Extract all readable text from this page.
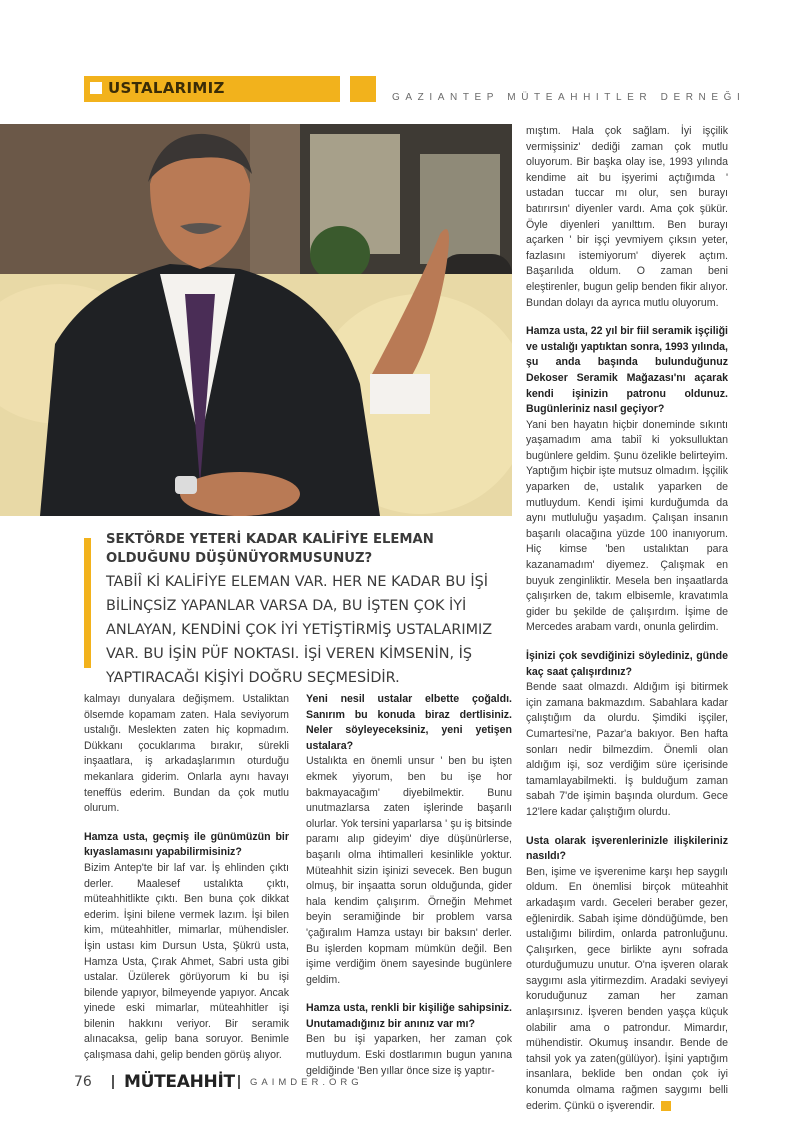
USTALARIMIZ
GAZIANTEP MÜTEAHHITLER DERNEĞI
SEKTÖRDE YETERİ KADAR KALİFİYE ELEMAN OLDUĞUNU DÜŞÜNÜYORMUSUNUZ?
TABİÎ Kİ KALİFİYE ELEMAN VAR. HER NE KADAR BU İŞİ BİLİNÇSİZ YAPANLAR VARSA DA, BU İŞTEN ÇOK İYİ ANLAYAN, KENDİNİ ÇOK İYİ YETİŞTİRMİŞ USTALARIMIZ VAR. BU İŞİN PÜF NOKTASI. İŞİ VEREN KİMSENİN, İŞ YAPTIRACAĞI KİŞİYİ DOĞRU SEÇMESİDİR.

kalmayı dunyalara değişmem. Ustaliktan ölsemde kopamam zaten. Hala seviyorum ustalığı. Meslekten zaten hiç kopmadım. Dükkanı çocuklarıma bırakır, sürekli inşaatlara, iş arkadaşlarımın oturduğu mekanlara giderim. Onlarla aynı havayı teneffüs ederim. Bundan da çok mutlu olurum.

Hamza usta, geçmiş ile günümüzün bir kıyaslamasını yapabilirmisiniz?

Bizim Antep'te bir laf var. İş ehlinden çıktı derler. Maalesef ustalıkta çıktı, müteahhitlikte çıktı. Ben buna çok dikkat ederim. İşini bilene vermek lazım. İşi bilen kim, müteahhitler, mimarlar, mühendisler. İşin ustası kim Dursun Usta, Şükrü usta, Hamza Usta, Çırak Ahmet, Sabri usta gibi ustalar. Üzülerek görüyorum ki bu işi bilende yapıyor, bilmeyende yapıyor. Ancak yinede eski mimarlar, müteahhitler işi bilenin hakkını veriyor. Bir seramik alınacaksa, gelip bana soruyor. Benimle çalışmasa dahi, gelip benden görüş alıyor.

Yeni nesil ustalar elbette çoğaldı. Sanırım bu konuda biraz dertlisiniz. Neler söyleyeceksiniz, yeni yetişen ustalara?

Ustalıkta en önemli unsur ' ben bu işten ekmek yiyorum, ben bu işe hor bakmayacağım' diyebilmektir. Bunu unutmazlarsa zaten işlerinde başarılı olurlar. Yok tersini yaparlarsa ' şu iş bitsinde paramı alıp gideyim' diye düşünürlerse, başarılı olma ihtimalleri kesinlikle yoktur. Müteahhit sizin işinizi sevecek. Ben bugun olmuş, bir inşaatta sorun olduğunda, gider hala kendim çalışırım. Örneğin Mehmet beyin seramiğinde bir problem varsa 'çağıralım Hamza ustayı bir baksın' derler. Bu işlerden kopmam mümkün değil. Ben işime verdiğim önem sayesinde bugünlere geldim.

Hamza usta, renkli bir kişiliğe sahipsiniz. Unutamadığınız bir anınız var mı?

Ben bu işi yaparken, her zaman çok mutluydum. Eski dostlarımın bugun yanına geldiğinde 'Ben yıllar önce size iş yaptır-

mıştım. Hala çok sağlam. İyi işçilik vermişsiniz' dediği zaman çok mutlu oluyorum. Bir başka olay ise, 1993 yılında kendime ait bu işyerimi açtığımda ' ustadan tuccar mı olur, sen burayı batırırsın' diyenler vardı. Ama çok şükür. Öyle diyenleri yanılttım. Ben burayı açarken ' bir işçi yevmiyem çıksın yeter, fazlasını istemiyorum' diyerek açtım. Başarılıda oldum. O zaman beni eleştirenler, bugun gelip benden fikir alıyor. Bundan dolayı da ayrıca mutlu oluyorum.

Hamza usta, 22 yıl bir fiil seramik işçiliği ve ustalığı yaptıktan sonra, 1993 yılında, şu anda başında bulunduğunuz Dekoser Seramik Mağazası'nı açarak kendi işinizin patronu oldunuz. Bugünleriniz nasıl geçiyor?

Yani ben hayatın hiçbir doneminde sıkıntı yaşamadım ama tabiî ki yoksulluktan bugünlere geldim. Şunu özelikle belirteyim. Yaptığım hiçbir işte mutsuz olmadım. İşçilik yaparken de, ustalık yaparken de mutluydum. Kendi işimi kurduğumda da aynı mutluluğu yaşadım. Çalışan insanın başarılı olacağına yüzde 100 inanıyorum. Hiç kimse 'ben ustalıktan para kazanamadım' diyemez. Çalışmak en buyuk zenginliktir. Mesela ben inşaatlarda çalışırken de, takım elbisemle, kravatımla gider bu şekilde de çalışırdım. İşime de Mercedes arabam vardı, onunla gelirdim.

İşinizi çok sevdiğinizi söylediniz, günde kaç saat çalışırdınız?

Bende saat olmazdı. Aldığım işi bitirmek için zamana bakmazdım. Sabahlara kadar çalıştığım da olurdu. Şimdiki işçiler, Cumartesi'ne, Pazar'a bakıyor. Ben hafta sonları nedir bilmezdim. Önemli olan aldığım işi, soz verdiğim süre içerisinde tamamlayabilmekti. İş bulduğum zaman sabah 7'de işimin başında olurdum. Gece 12'lere kadar çalıştığım olurdu.

Usta olarak işverenlerinizle ilişkileriniz nasıldı?

Ben, işime ve işverenime karşı hep saygılı oldum. En önemlisi birçok müteahhit arkadaşım vardı. Geceleri beraber gezer, eğlenirdik. Sabah işime döndüğümde, ben ustalığımı bilirdim, onlarda patronluğunu. Çalışırken, gece birlikte aynı sofrada oturduğumuzu unutur. O'na işveren olarak saygımı asla yitirmezdim. Aradaki seviyeyi koruduğunuz zaman her zaman anlaşırsınız. İşveren benden yaşça küçuk olabilir ama o patrondur. Mimardır, mühendistir. Okumuş insandır. Bende de tahsil yok ya zaten(gülüyor). İşini yaptığım insanlara, beklide ben ondan çok iyi konumda olmama rağmen saygımı belli ederim. Çünkü o işverendir.

76 MÜTEAHHİT GAIMDER.ORG
